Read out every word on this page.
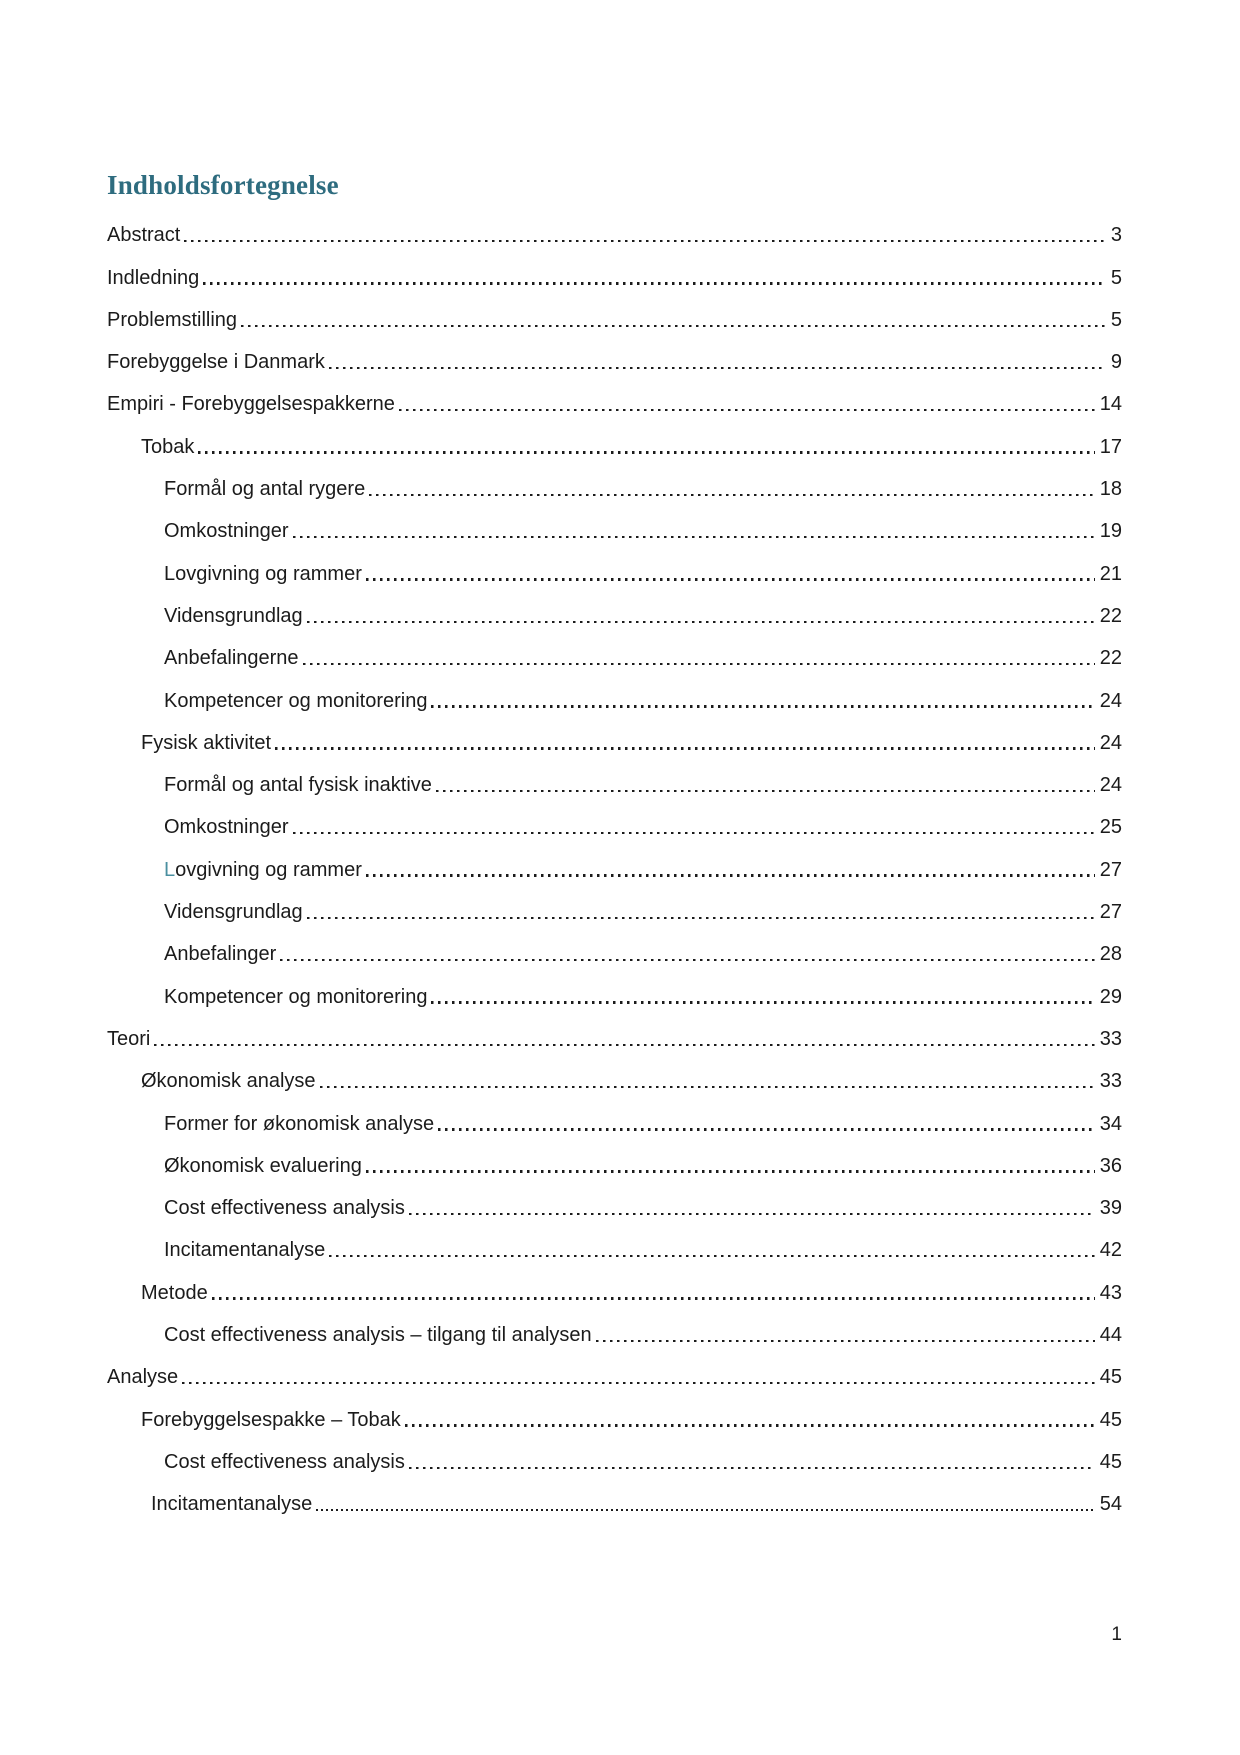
Indholdsfortegnelse
Abstract	3
Indledning	5
Problemstilling	5
Forebyggelse i Danmark	9
Empiri - Forebyggelsespakkerne	14
Tobak	17
Formål og antal rygere	18
Omkostninger	19
Lovgivning og rammer	21
Vidensgrundlag	22
Anbefalingerne	22
Kompetencer og monitorering	24
Fysisk aktivitet	24
Formål og antal fysisk inaktive	24
Omkostninger	25
L ovgivning og rammer	27
Vidensgrundlag	27
Anbefalinger	28
Kompetencer og monitorering	29
Teori	33
Økonomisk analyse	33
Former for økonomisk analyse	34
Økonomisk evaluering	36
Cost effectiveness analysis	39
Incitamentanalyse	42
Metode	43
Cost effectiveness analysis – tilgang til analysen	44
Analyse	45
Forebyggelsespakke – Tobak	45
Cost effectiveness analysis	45
Incitamentanalyse	54
1
